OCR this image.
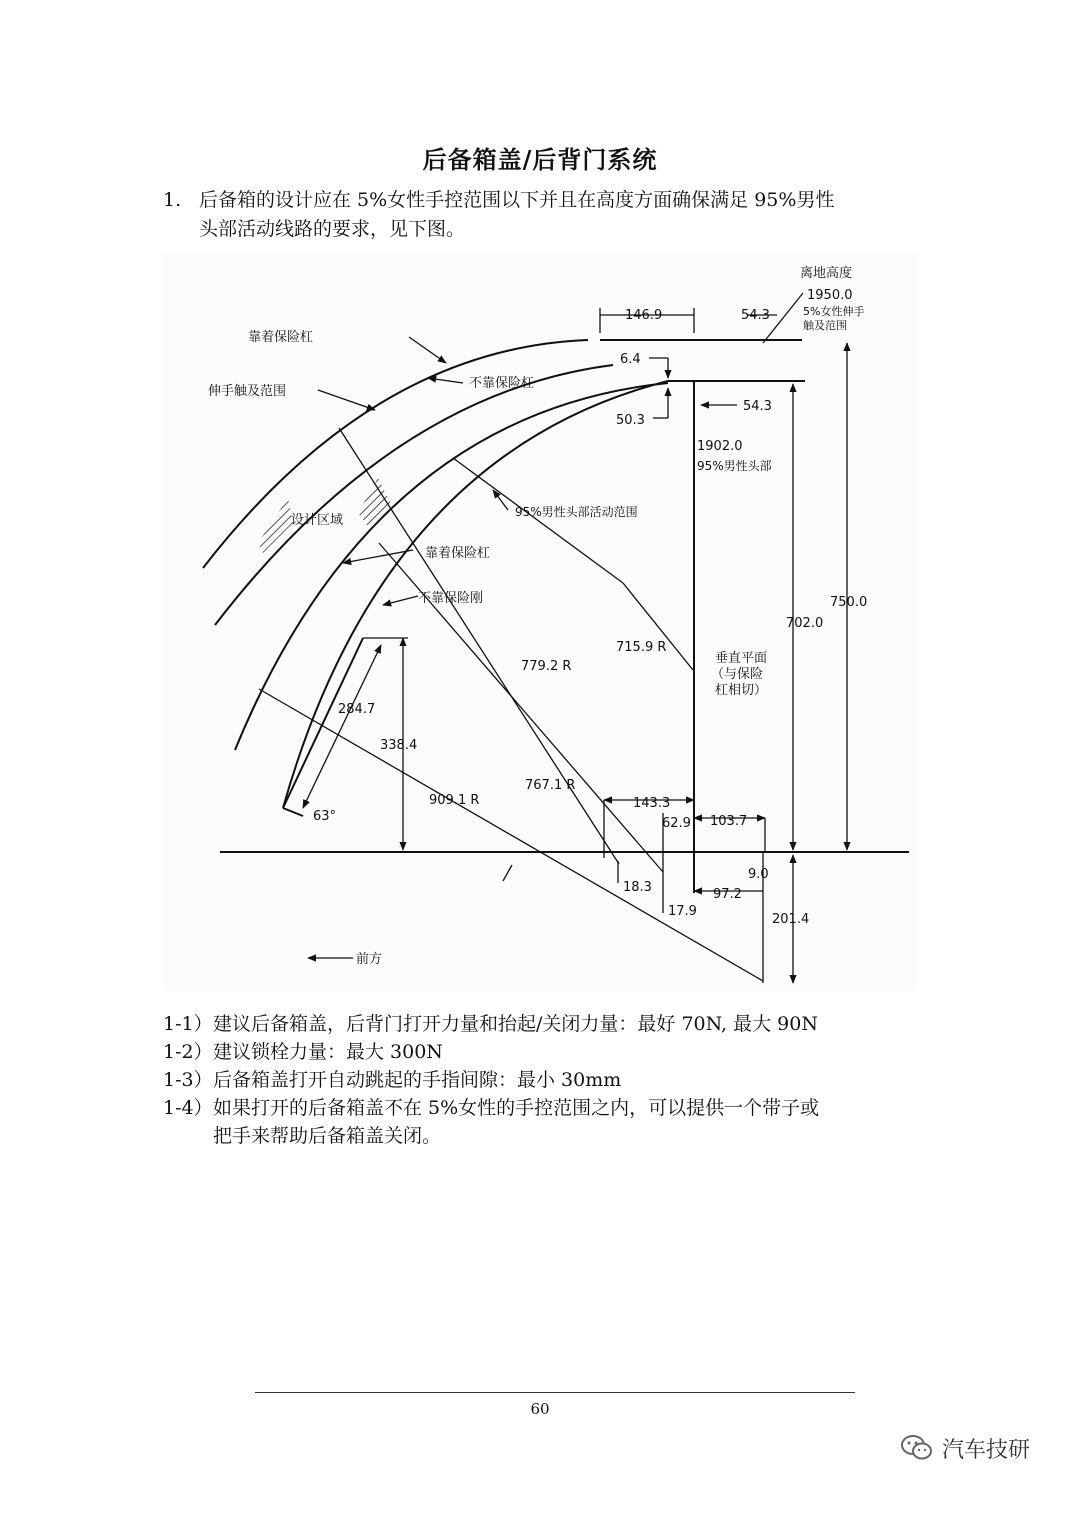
后备箱盖/后背门系统
1. 后备箱的设计应在 5%女性手控范围以下并且在高度方面确保满足 95%男性
头部活动线路的要求，见下图。
离地高度
1950.0
5%女性伸手
触及范围
靠着保险杠
伸手触及范围
不靠保险杠
设计区域
95%男性头部活动范围
靠着保险杠
不靠保险刚
1902.0
95%男性头部
垂直平面
（与保险
杠相切）
前方
146.9	54.3
6.4
50.3
54.3
750.0
702.0
715.9 R
779.2 R
767.1 R
909.1 R
284.7
338.4
63°
143.3
62.9 103.7
9.0
18.3
17.9
97.2
201.4
1-1） 建议后备箱盖，后背门打开力量和抬起/关闭力量：最好 70N, 最大 90N
1-2） 建议锁栓力量：最大 300N
1-3） 后备箱盖打开自动跳起的手指间隙：最小 30mm
1-4） 如果打开的后备箱盖不在 5%女性的手控范围之内，可以提供一个带子或
把手来帮助后备箱盖关闭。
60
汽车技研
